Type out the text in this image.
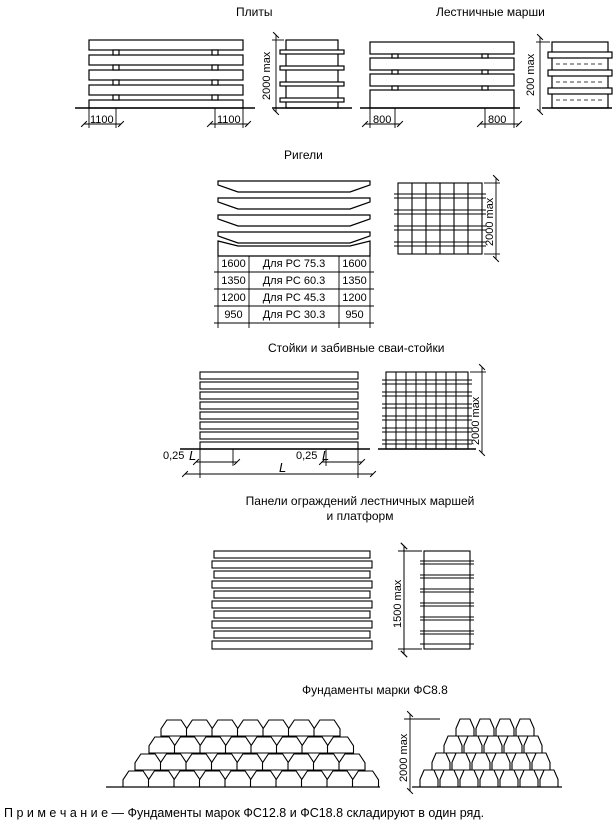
Плиты	Лестничные марши
Ригели
Стойки и забивные сваи-стойки
Панели ограждений лестничных маршей
и платформ
Фундаменты марки ФС8.8
1100	1100
2000 max
800	800
200 max
2000 max
0,25 L	0,25 L
L
2000 max
1500 max
2000 max
1600	Для РС 75.3	1600
1350	Для РС 60.3	1350
1200	Для РС 45.3	1200
950	Для РС 30.3	950
П р и м е ч а н и е — Фундаменты марок ФС12.8 и ФС18.8 складируют в один ряд.
